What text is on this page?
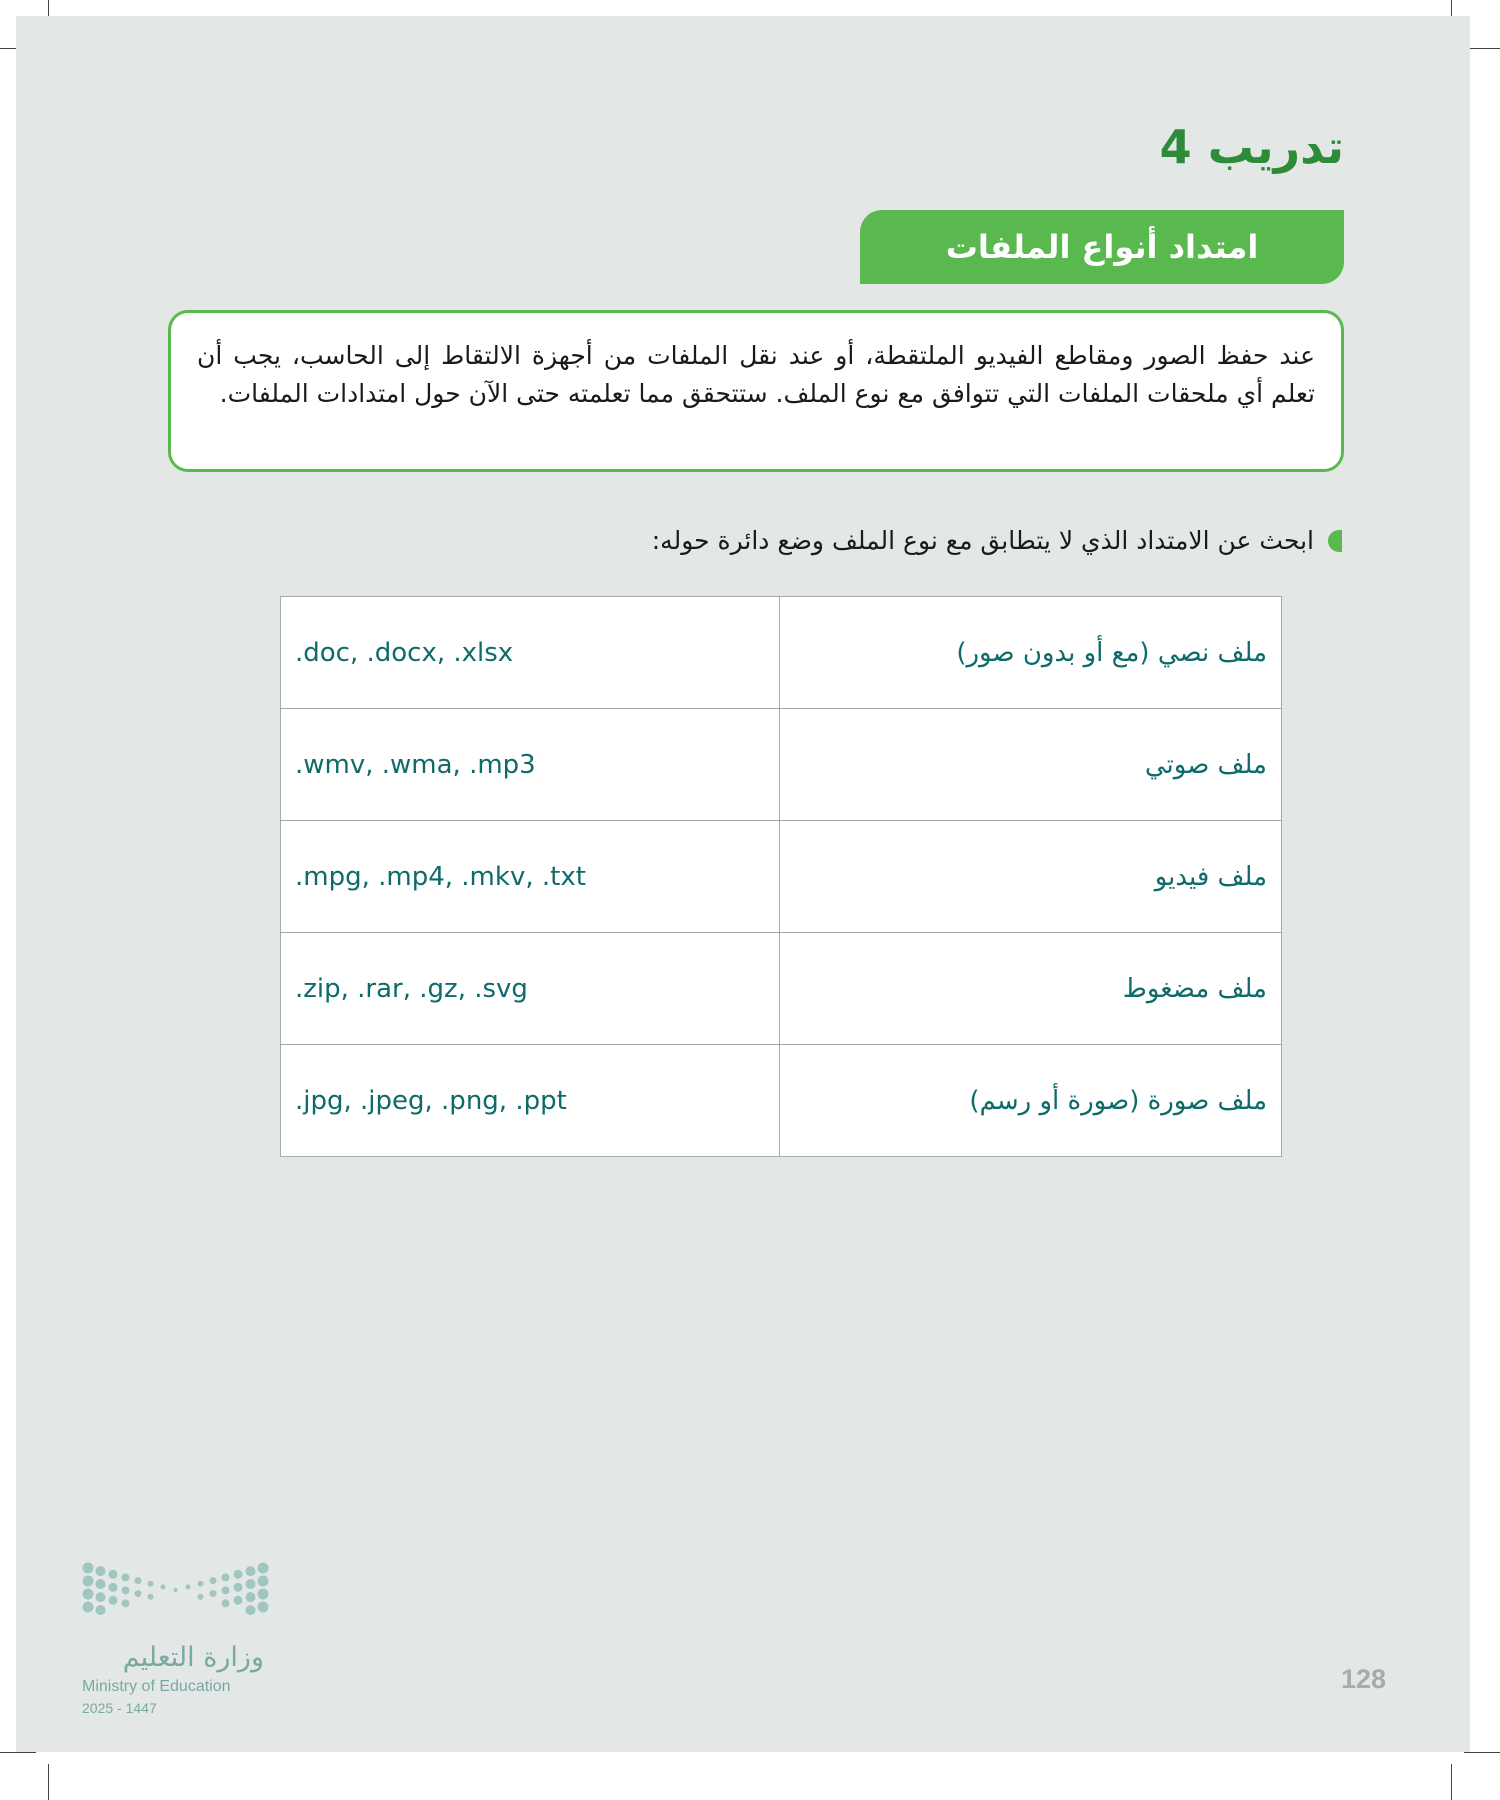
تدريب 4
امتداد أنواع الملفات

عند حفظ الصور ومقاطع الفيديو الملتقطة، أو عند نقل الملفات من أجهزة الالتقاط إلى الحاسب، يجب أن تعلم أي ملحقات الملفات التي تتوافق مع نوع الملف. ستتحقق مما تعلمته حتى الآن حول امتدادات الملفات.

ابحث عن الامتداد الذي لا يتطابق مع نوع الملف وضع دائرة حوله:
.doc, .docx, .xlsx	ملف نصي (مع أو بدون صور)
.wmv, .wma, .mp3	ملف صوتي
.mpg, .mp4, .mkv, .txt	ملف فيديو
.zip, .rar, .gz, .svg	ملف مضغوط
.jpg, .jpeg, .png, .ppt	ملف صورة (صورة أو رسم)
وزارة التعليم
Ministry of Education
2025 - 1447
128
